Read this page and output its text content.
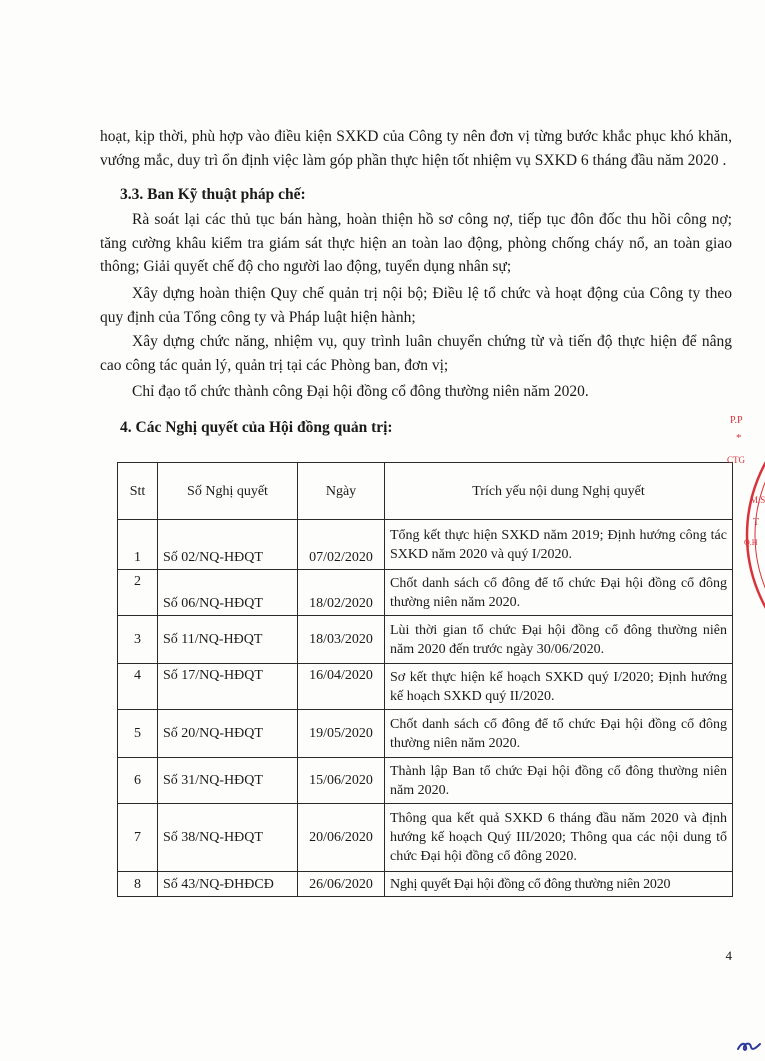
hoạt, kịp thời, phù hợp vào điều kiện SXKD của Công ty nên đơn vị từng bước khắc phục khó khăn, vướng mắc, duy trì ổn định việc làm góp phần thực hiện tốt nhiệm vụ SXKD 6 tháng đầu năm 2020 .

3.3. Ban Kỹ thuật pháp chế:

Rà soát lại các thủ tục bán hàng, hoàn thiện hồ sơ công nợ, tiếp tục đôn đốc thu hồi công nợ; tăng cường khâu kiểm tra giám sát thực hiện an toàn lao động, phòng chống cháy nổ, an toàn giao thông; Giải quyết chế độ cho người lao động, tuyển dụng nhân sự;

Xây dựng hoàn thiện Quy chế quản trị nội bộ; Điều lệ tổ chức và hoạt động của Công ty theo quy định của Tổng công ty và Pháp luật hiện hành;

Xây dựng chức năng, nhiệm vụ, quy trình luân chuyển chứng từ và tiến độ thực hiện để nâng cao công tác quản lý, quản trị tại các Phòng ban, đơn vị;

Chỉ đạo tổ chức thành công Đại hội đồng cổ đông thường niên năm 2020.

4. Các Nghị quyết của Hội đồng quản trị:
Stt	Số Nghị quyết	Ngày	Trích yếu nội dung Nghị quyết
1	Số 02/NQ-HĐQT	07/02/2020	Tổng kết thực hiện SXKD năm 2019; Định hướng công tác SXKD năm 2020 và quý I/2020.
2	Số 06/NQ-HĐQT	18/02/2020	Chốt danh sách cổ đông để tổ chức Đại hội đồng cổ đông thường niên năm 2020.
3	Số 11/NQ-HĐQT	18/03/2020	Lùi thời gian tổ chức Đại hội đồng cổ đông thường niên năm 2020 đến trước ngày 30/06/2020.
4	Số 17/NQ-HĐQT	16/04/2020	Sơ kết thực hiện kế hoạch SXKD quý I/2020; Định hướng kế hoạch SXKD quý II/2020.
5	Số 20/NQ-HĐQT	19/05/2020	Chốt danh sách cổ đông để tổ chức Đại hội đồng cổ đông thường niên năm 2020.
6	Số 31/NQ-HĐQT	15/06/2020	Thành lập Ban tổ chức Đại hội đồng cổ đông thường niên năm 2020.
7	Số 38/NQ-HĐQT	20/06/2020	Thông qua kết quả SXKD 6 tháng đầu năm 2020 và định hướng kế hoạch Quý III/2020; Thông qua các nội dung tổ chức Đại hội đồng cổ đông 2020.
8	Số 43/NQ-ĐHĐCĐ	26/06/2020	Nghị quyết Đại hội đồng cổ đông thường niên 2020

4

P.P
*
CTG
M.S
T
Q.H
